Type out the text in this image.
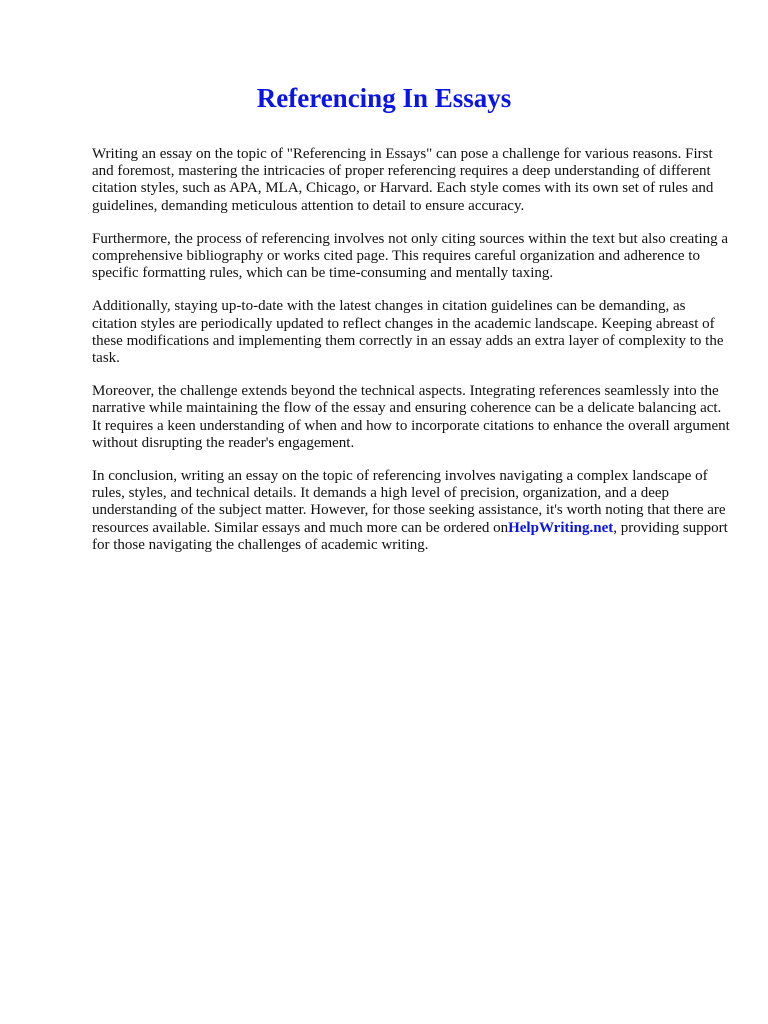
Referencing In Essays

Writing an essay on the topic of "Referencing in Essays" can pose a challenge for various reasons. First and foremost, mastering the intricacies of proper referencing requires a deep understanding of different citation styles, such as APA, MLA, Chicago, or Harvard. Each style comes with its own set of rules and guidelines, demanding meticulous attention to detail to ensure accuracy.

Furthermore, the process of referencing involves not only citing sources within the text but also creating a comprehensive bibliography or works cited page. This requires careful organization and adherence to specific formatting rules, which can be time-consuming and mentally taxing.

Additionally, staying up-to-date with the latest changes in citation guidelines can be demanding, as citation styles are periodically updated to reflect changes in the academic landscape. Keeping abreast of these modifications and implementing them correctly in an essay adds an extra layer of complexity to the task.

Moreover, the challenge extends beyond the technical aspects. Integrating references seamlessly into the narrative while maintaining the flow of the essay and ensuring coherence can be a delicate balancing act. It requires a keen understanding of when and how to incorporate citations to enhance the overall argument without disrupting the reader's engagement.

In conclusion, writing an essay on the topic of referencing involves navigating a complex landscape of rules, styles, and technical details. It demands a high level of precision, organization, and a deep understanding of the subject matter. However, for those seeking assistance, it's worth noting that there are resources available. Similar essays and much more can be ordered onHelpWriting.net, providing support for those navigating the challenges of academic writing.
